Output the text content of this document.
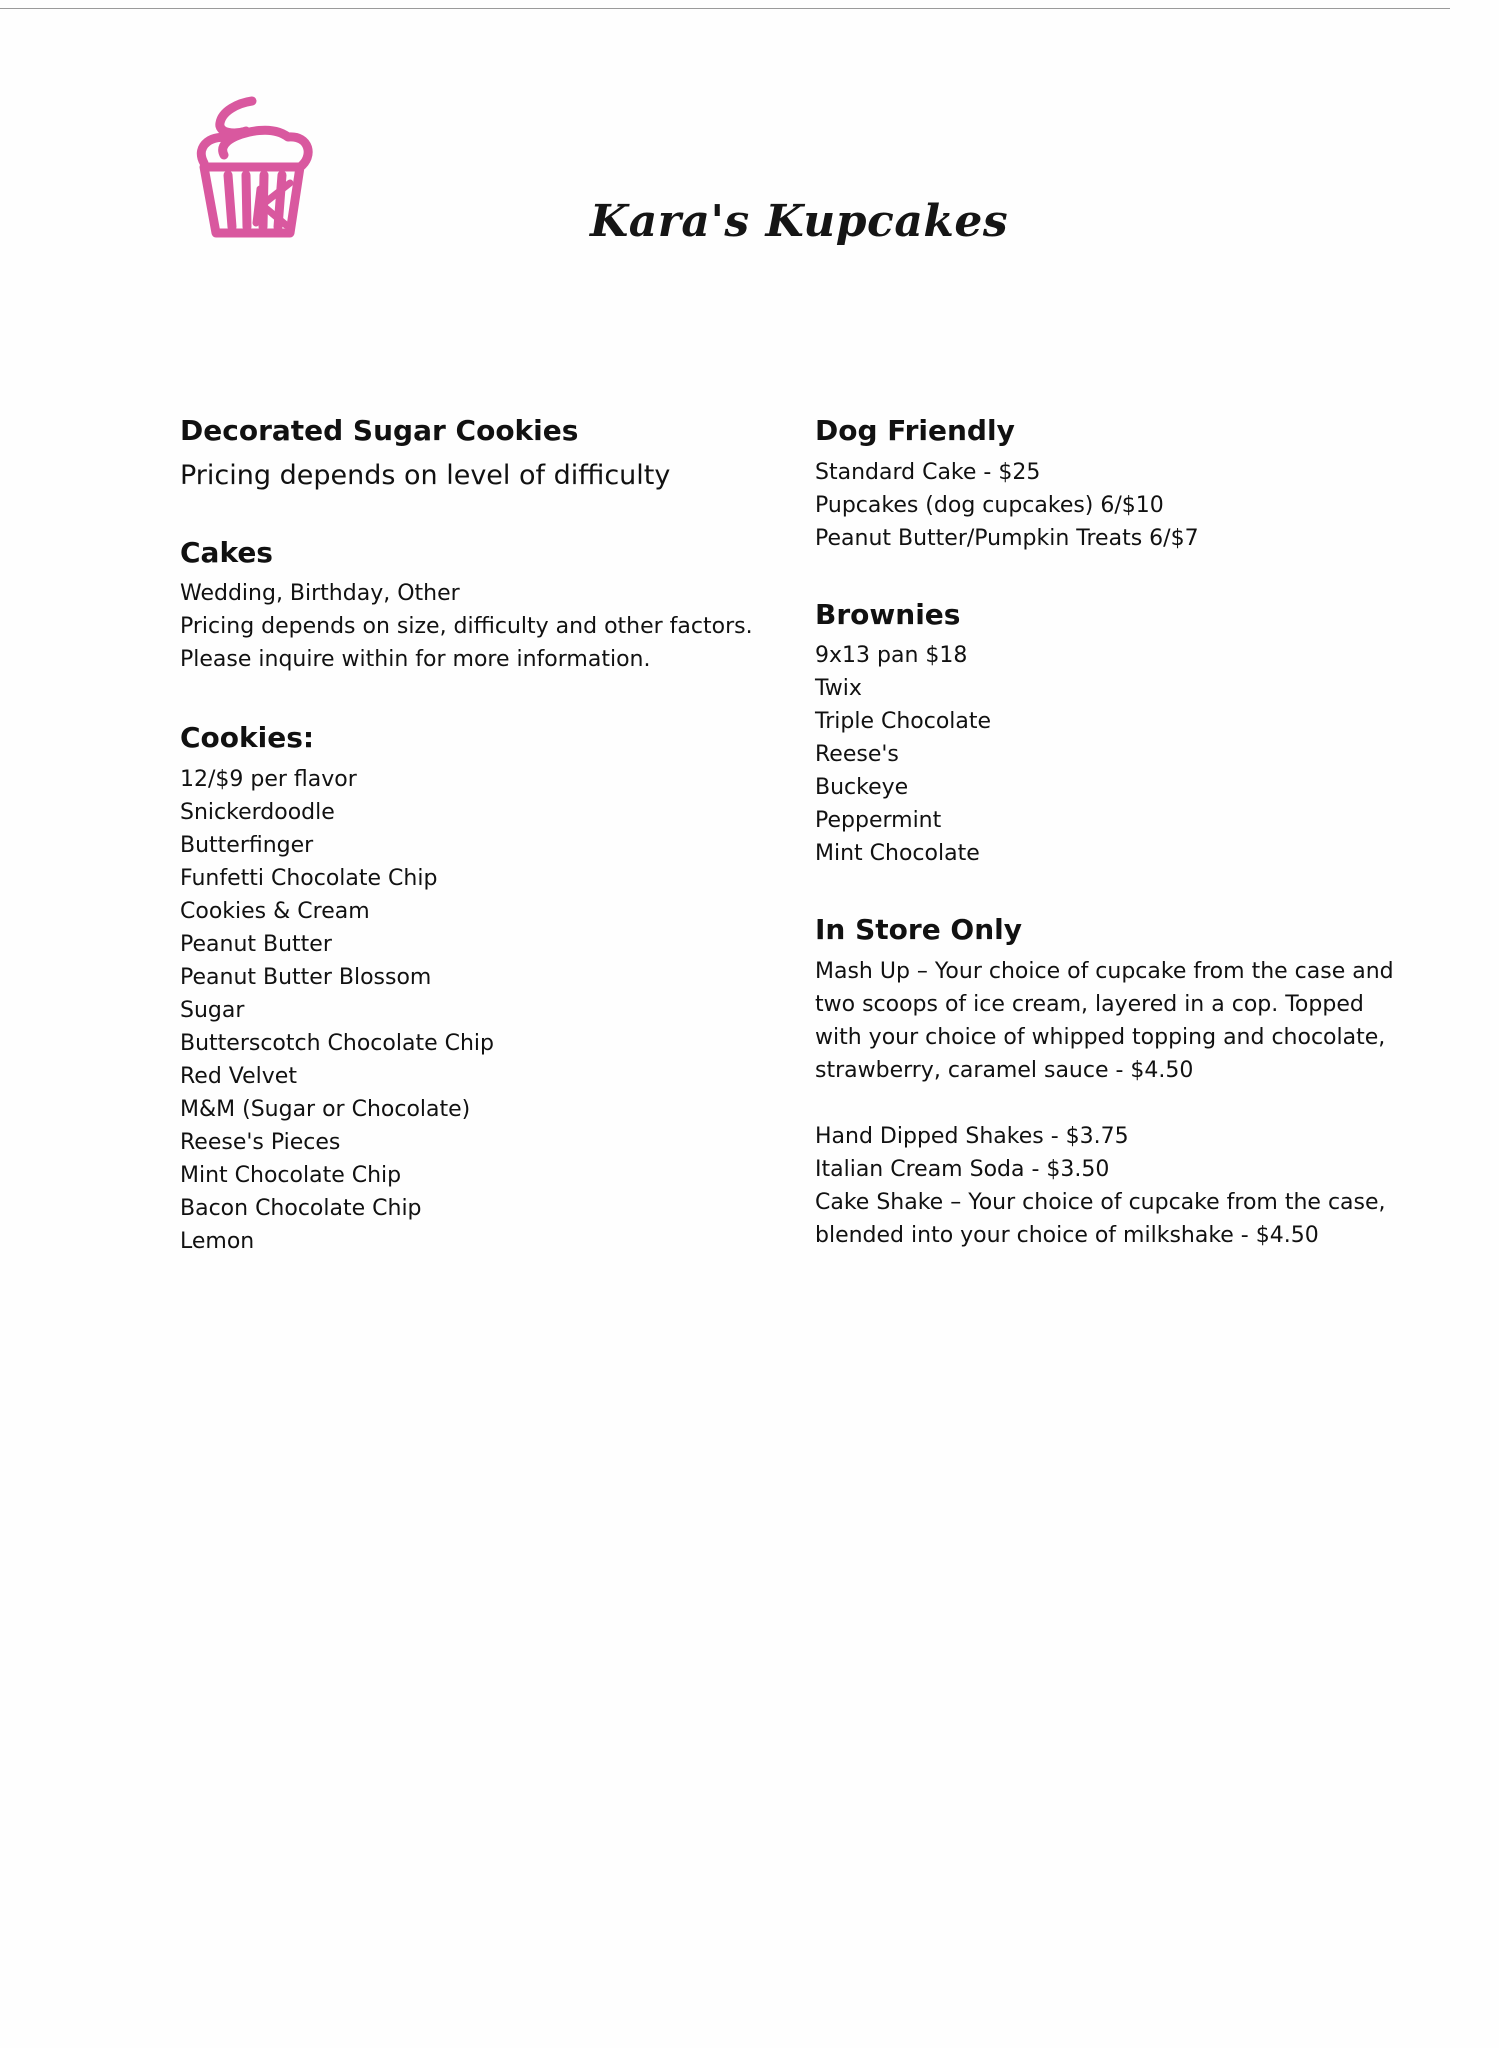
Kara's Kupcakes
Decorated Sugar Cookies
Pricing depends on level of difficulty
Cakes
Wedding, Birthday, Other
Pricing depends on size, difficulty and other factors.
Please inquire within for more information.
Cookies:
12/$9 per flavor
Snickerdoodle
Butterfinger
Funfetti Chocolate Chip
Cookies & Cream
Peanut Butter
Peanut Butter Blossom
Sugar
Butterscotch Chocolate Chip
Red Velvet
M&M (Sugar or Chocolate)
Reese's Pieces
Mint Chocolate Chip
Bacon Chocolate Chip
Lemon
Dog Friendly
Standard Cake - $25
Pupcakes (dog cupcakes) 6/$10
Peanut Butter/Pumpkin Treats 6/$7
Brownies
9x13 pan $18
Twix
Triple Chocolate
Reese's
Buckeye
Peppermint
Mint Chocolate
In Store Only
Mash Up – Your choice of cupcake from the case and
two scoops of ice cream, layered in a cop. Topped
with your choice of whipped topping and chocolate,
strawberry, caramel sauce - $4.50
Hand Dipped Shakes - $3.75
Italian Cream Soda - $3.50
Cake Shake – Your choice of cupcake from the case,
blended into your choice of milkshake - $4.50
